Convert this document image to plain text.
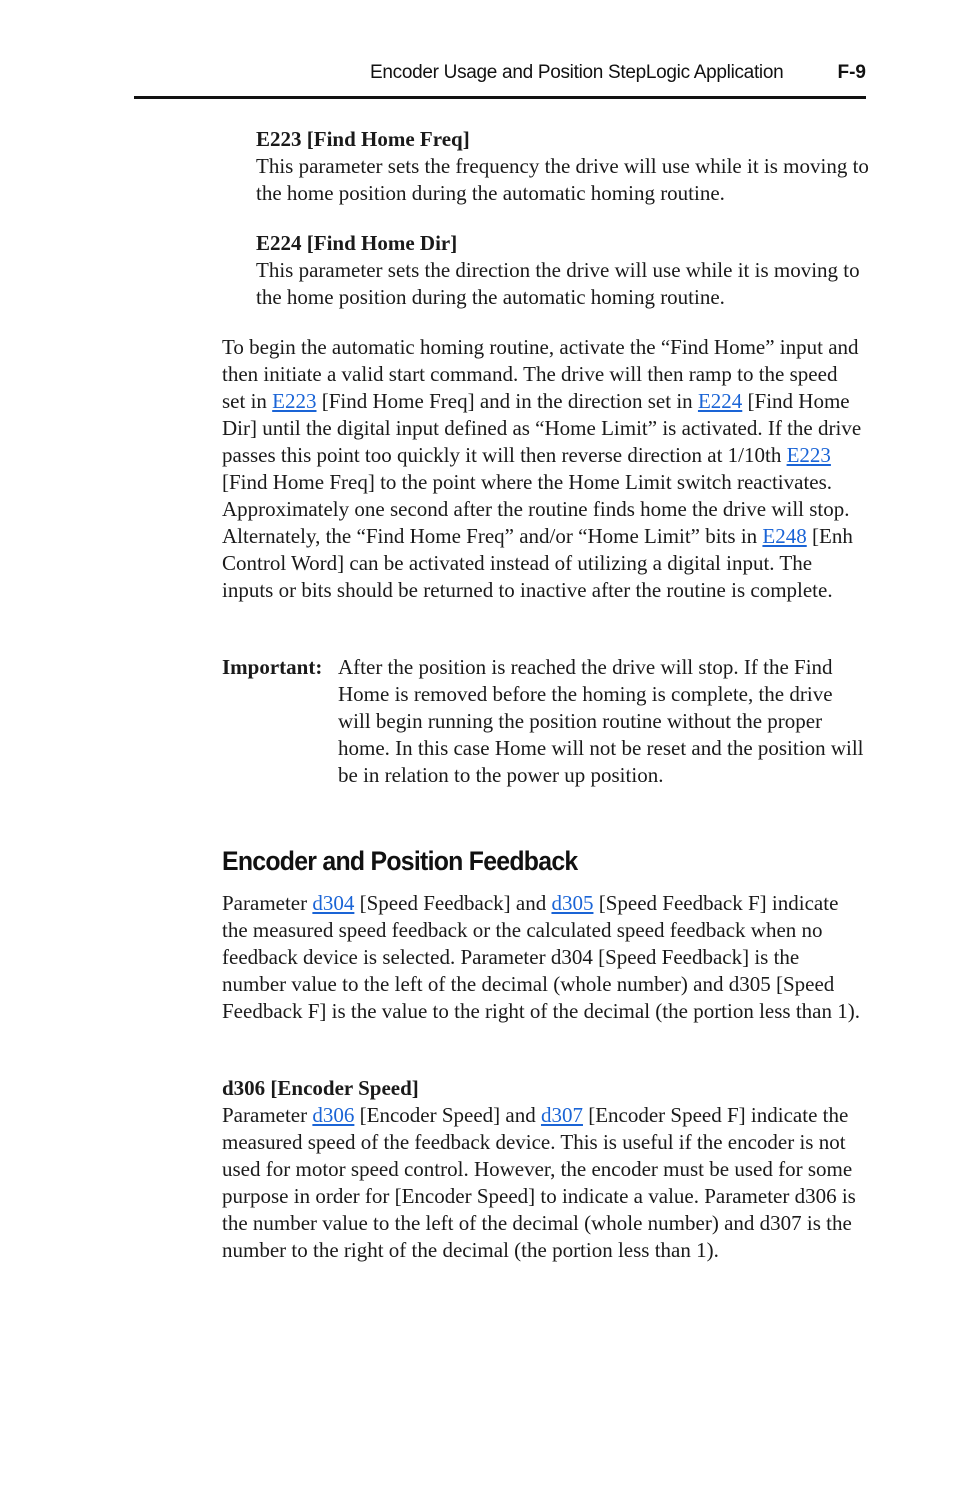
Encoder Usage and Position StepLogic Application	F-9
E223 [Find Home Freq]
This parameter sets the frequency the drive will use while it is moving to the home position during the automatic homing routine.
E224 [Find Home Dir]
This parameter sets the direction the drive will use while it is moving to the home position during the automatic homing routine.

To begin the automatic homing routine, activate the “Find Home” input and then initiate a valid start command. The drive will then ramp to the speed set in E223 [Find Home Freq] and in the direction set in E224 [Find Home Dir] until the digital input defined as “Home Limit” is activated. If the drive passes this point too quickly it will then reverse direction at 1/10th E223 [Find Home Freq] to the point where the Home Limit switch reactivates. Approximately one second after the routine finds home the drive will stop. Alternately, the “Find Home Freq” and/or “Home Limit” bits in E248 [Enh Control Word] can be activated instead of utilizing a digital input. The inputs or bits should be returned to inactive after the routine is complete.

Important: After the position is reached the drive will stop. If the Find Home is removed before the homing is complete, the drive will begin running the position routine without the proper home. In this case Home will not be reset and the position will be in relation to the power up position.
Encoder and Position Feedback

Parameter d304 [Speed Feedback] and d305 [Speed Feedback F] indicate the measured speed feedback or the calculated speed feedback when no feedback device is selected. Parameter d304 [Speed Feedback] is the number value to the left of the decimal (whole number) and d305 [Speed Feedback F] is the value to the right of the decimal (the portion less than 1).

d306 [Encoder Speed]
Parameter d306 [Encoder Speed] and d307 [Encoder Speed F] indicate the measured speed of the feedback device. This is useful if the encoder is not used for motor speed control. However, the encoder must be used for some purpose in order for [Encoder Speed] to indicate a value. Parameter d306 is the number value to the left of the decimal (whole number) and d307 is the number to the right of the decimal (the portion less than 1).
